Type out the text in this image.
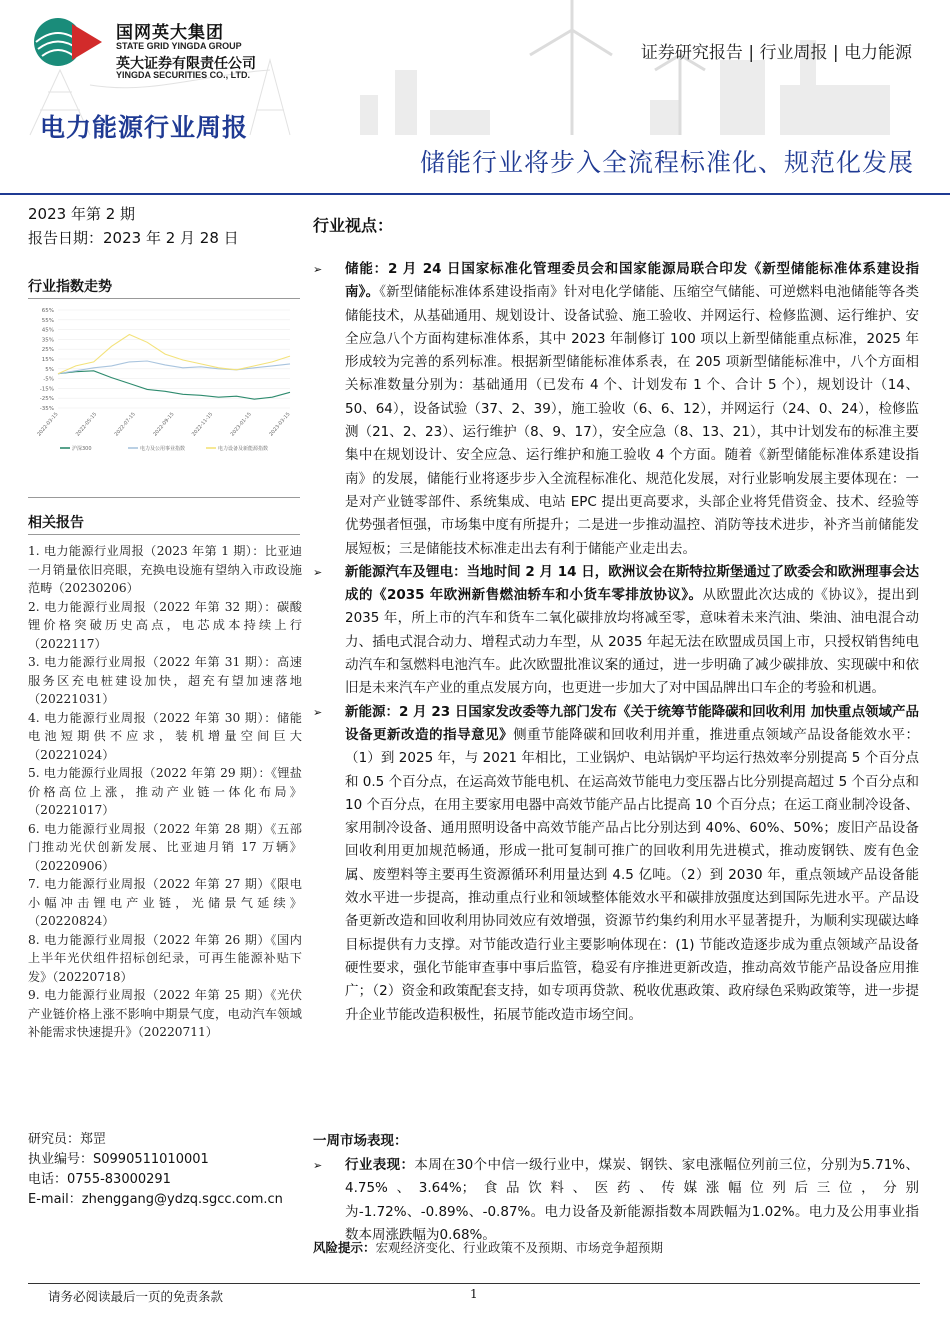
国网英大集团
STATE GRID YINGDA GROUP
英大证券有限责任公司
YINGDA SECURITIES CO., LTD.
证券研究报告 | 行业周报 | 电力能源
电力能源行业周报
储能行业将步入全流程标准化、规范化发展
2023 年第 2 期
报告日期：2023 年 2 月 28 日
行业指数走势
65%
55%
45%
35%
25%
15%
5%
-5%
-15%
-25%
-35%
2022-03-15	2022-05-15	2022-07-15	2022-09-15	2022-11-15	2023-01-15	2023-03-15
沪深300	电力及公用事业指数	电力设备及新能源指数
相关报告
1. 电力能源行业周报（2023 年第 1 期）：比亚迪一月销量依旧亮眼，充换电设施有望纳入市政设施范畴（20230206）
2. 电力能源行业周报（2022 年第 32 期）：碳酸锂价格突破历史高点，电芯成本持续上行（2022117）
3. 电力能源行业周报（2022 年第 31 期）：高速服务区充电桩建设加快，超充有望加速落地（20221031）
4. 电力能源行业周报（2022 年第 30 期）：储能电池短期供不应求，装机增量空间巨大（20221024）
5. 电力能源行业周报（2022 年第 29 期）：《锂盐价格高位上涨，推动产业链一体化布局》（20221017）
6. 电力能源行业周报（2022 年第 28 期）《五部门推动光伏创新发展、比亚迪月销 17 万辆》（20220906）
7. 电力能源行业周报（2022 年第 27 期）《限电小幅冲击锂电产业链，光储景气延续》（20220824）
8. 电力能源行业周报（2022 年第 26 期）《国内上半年光伏组件招标创纪录，可再生能源补贴下发》（20220718）
9. 电力能源行业周报（2022 年第 25 期）《光伏产业链价格上涨不影响中期景气度，电动汽车领域补能需求快速提升》（20220711）
研究员：郑罡
执业编号：S0990511010001
电话：0755-83000291
E-mail：zhenggang@ydzq.sgcc.com.cn
行业视点：
➢ 储能：2 月 24 日国家标准化管理委员会和国家能源局联合印发《新型储能标准体系建设指南》。《新型储能标准体系建设指南》针对电化学储能、压缩空气储能、可逆燃料电池储能等各类储能技术，从基础通用、规划设计、设备试验、施工验收、并网运行、检修监测、运行维护、安全应急八个方面构建标准体系，其中 2023 年制修订 100 项以上新型储能重点标准，2025 年形成较为完善的系列标准。根据新型储能标准体系表，在 205 项新型储能标准中，八个方面相关标准数量分别为：基础通用（已发布 4 个、计划发布 1 个、合计 5 个），规划设计（14、50、64），设备试验（37、2、39），施工验收（6、6、12），并网运行（24、0、24），检修监测（21、2、23）、运行维护（8、9、17），安全应急（8、13、21），其中计划发布的标准主要集中在规划设计、安全应急、运行维护和施工验收 4 个方面。随着《新型储能标准体系建设指南》的发展，储能行业将逐步步入全流程标准化、规范化发展，对行业影响发展主要体现在：一是对产业链零部件、系统集成、电站 EPC 提出更高要求，头部企业将凭借资金、技术、经验等优势强者恒强，市场集中度有所提升；二是进一步推动温控、消防等技术进步，补齐当前储能发展短板；三是储能技术标准走出去有利于储能产业走出去。
➢ 新能源汽车及锂电：当地时间 2 月 14 日，欧洲议会在斯特拉斯堡通过了欧委会和欧洲理事会达成的《2035 年欧洲新售燃油轿车和小货车零排放协议》。从欧盟此次达成的《协议》，提出到 2035 年，所上市的汽车和货车二氧化碳排放均将减至零，意味着未来汽油、柴油、油电混合动力、插电式混合动力、增程式动力车型，从 2035 年起无法在欧盟成员国上市，只授权销售纯电动汽车和氢燃料电池汽车。此次欧盟批准议案的通过，进一步明确了减少碳排放、实现碳中和依旧是未来汽车产业的重点发展方向，也更进一步加大了对中国品牌出口车企的考验和机遇。
➢ 新能源：2 月 23 日国家发改委等九部门发布《关于统筹节能降碳和回收利用 加快重点领域产品设备更新改造的指导意见》侧重节能降碳和回收利用并重，推进重点领域产品设备能效水平：（1）到 2025 年，与 2021 年相比，工业锅炉、电站锅炉平均运行热效率分别提高 5 个百分点和 0.5 个百分点，在运高效节能电机、在运高效节能电力变压器占比分别提高超过 5 个百分点和 10 个百分点，在用主要家用电器中高效节能产品占比提高 10 个百分点；在运工商业制冷设备、家用制冷设备、通用照明设备中高效节能产品占比分别达到 40%、60%、50%；废旧产品设备回收利用更加规范畅通，形成一批可复制可推广的回收利用先进模式，推动废钢铁、废有色金属、废塑料等主要再生资源循环利用量达到 4.5 亿吨。（2）到 2030 年，重点领域产品设备能效水平进一步提高，推动重点行业和领域整体能效水平和碳排放强度达到国际先进水平。产品设备更新改造和回收利用协同效应有效增强，资源节约集约利用水平显著提升，为顺利实现碳达峰目标提供有力支撑。对节能改造行业主要影响体现在：(1) 节能改造逐步成为重点领域产品设备硬性要求，强化节能审查事中事后监管，稳妥有序推进更新改造，推动高效节能产品设备应用推广；（2）资金和政策配套支持，如专项再贷款、税收优惠政策、政府绿色采购政策等，进一步提升企业节能改造积极性，拓展节能改造市场空间。
一周市场表现：
➢ 行业表现：本周在30个中信一级行业中，煤炭、钢铁、家电涨幅位列前三位，分别为5.71%、4.75%、3.64%；食品饮料、医药、传媒涨幅位列后三位，分别为-1.72%、-0.89%、-0.87%。电力设备及新能源指数本周跌幅为1.02%。电力及公用事业指数本周涨跌幅为0.68%。
风险提示：宏观经济变化、行业政策不及预期、市场竞争超预期
请务必阅读最后一页的免责条款	1
